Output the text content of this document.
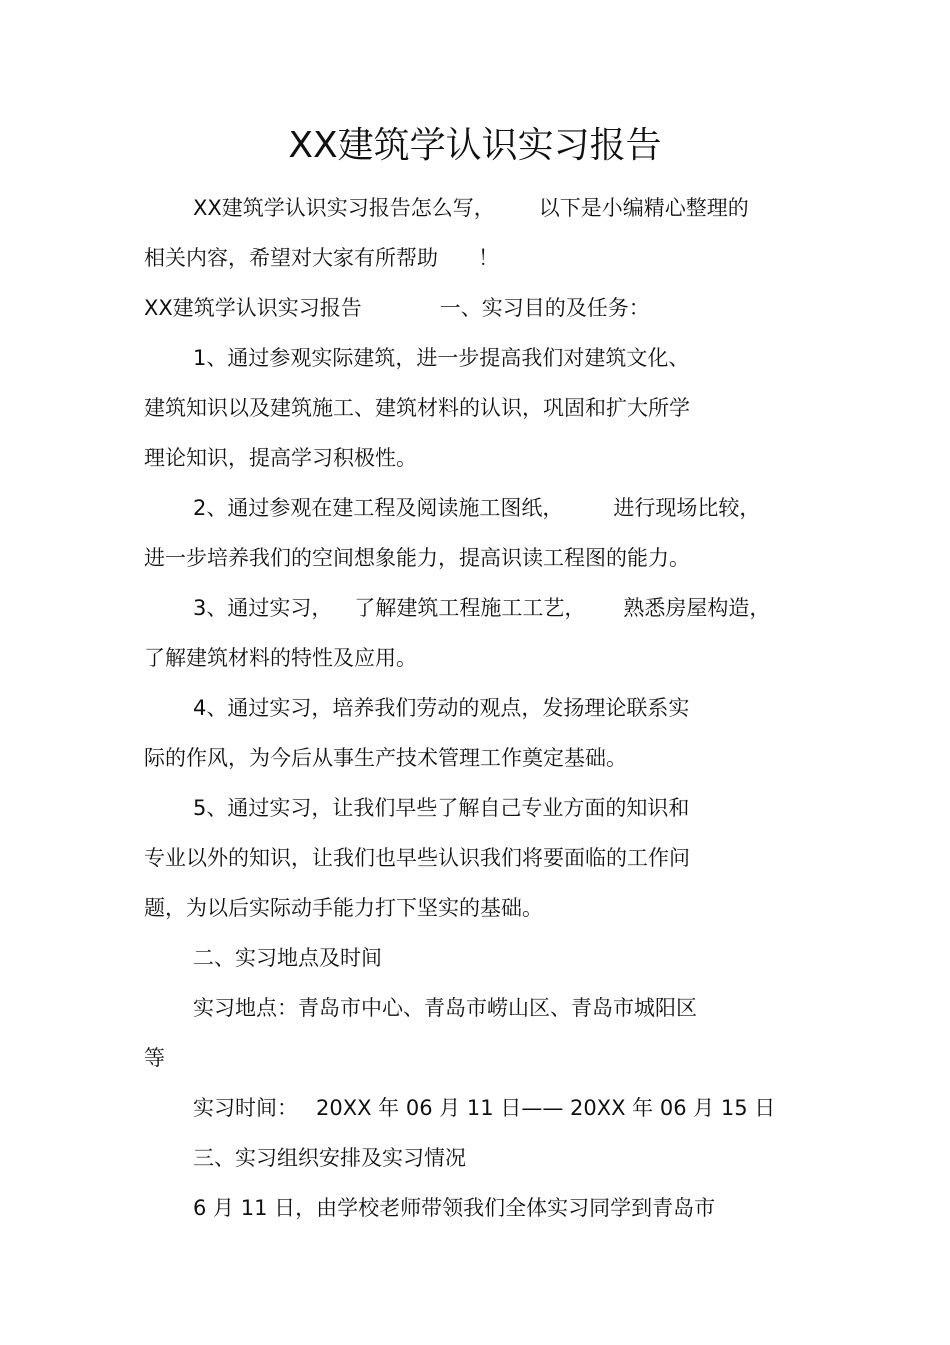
XX建筑学认识实习报告

XX建筑学认识实习报告怎么写， 以下是小编精心整理的

相关内容，希望对大家有所帮助 ！

XX建筑学认识实习报告	一、实习目的及任务：

1、通过参观实际建筑，进一步提高我们对建筑文化、

建筑知识以及建筑施工、建筑材料的认识，巩固和扩大所学

理论知识，提高学习积极性。

2、通过参观在建工程及阅读施工图纸， 进行现场比较，

进一步培养我们的空间想象能力，提高识读工程图的能力。

3、通过实习， 了解建筑工程施工工艺， 熟悉房屋构造，

了解建筑材料的特性及应用。

4、通过实习，培养我们劳动的观点，发扬理论联系实

际的作风，为今后从事生产技术管理工作奠定基础。

5、通过实习，让我们早些了解自己专业方面的知识和

专业以外的知识，让我们也早些认识我们将要面临的工作问

题，为以后实际动手能力打下坚实的基础。

二、实习地点及时间

实习地点：青岛市中心、青岛市崂山区、青岛市城阳区

等

实习时间： 20XX 年 06 月 11 日—— 20XX 年 06 月 15 日

三、实习组织安排及实习情况

6 月 11 日，由学校老师带领我们全体实习同学到青岛市
